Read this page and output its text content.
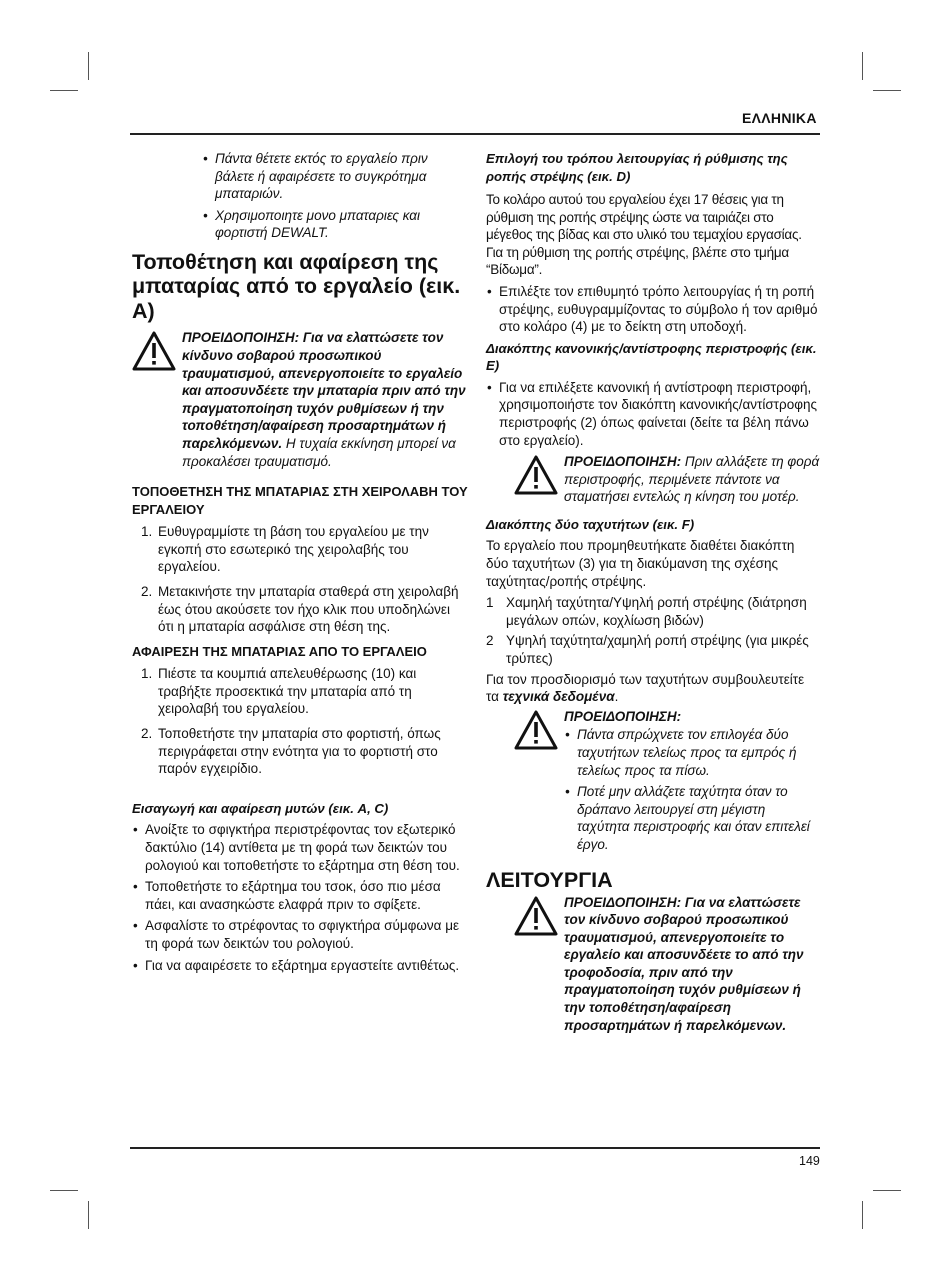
ΕΛΛΗΝΙΚΑ
149
• Πάντα θέτετε εκτός το εργαλείο πριν βάλετε ή αφαιρέσετε το συγκρότημα μπαταριών.
• Χρησιμοποιητε μονο μπαταριες και φορτιστή DEWALT.
Τοποθέτηση και αφαίρεση της μπαταρίας από το εργαλείο (εικ. A)
ΠΡΟΕΙΔΟΠΟΙΗΣΗ: Για να ελαττώσετε τον κίνδυνο σοβαρού προσωπικού τραυματισμού, απενεργοποιείτε το εργαλείο και αποσυνδέετε την μπαταρία πριν από την πραγματοποίηση τυχόν ρυθμίσεων ή την τοποθέτηση/αφαίρεση προσαρτημάτων ή παρελκόμενων. Η τυχαία εκκίνηση μπορεί να προκαλέσει τραυματισμό.
ΤΟΠΟΘΕΤΗΣΗ ΤΗΣ ΜΠΑΤΑΡΙΑΣ ΣΤΗ ΧΕΙΡΟΛΑΒΗ ΤΟΥ ΕΡΓΑΛΕΙΟΥ
1. Ευθυγραμμίστε τη βάση του εργαλείου με την εγκοπή στο εσωτερικό της χειρολαβής του εργαλείου.
2. Μετακινήστε την μπαταρία σταθερά στη χειρολαβή έως ότου ακούσετε τον ήχο κλικ που υποδηλώνει ότι η μπαταρία ασφάλισε στη θέση της.
ΑΦΑΙΡΕΣΗ ΤΗΣ ΜΠΑΤΑΡΙΑΣ ΑΠΟ ΤΟ ΕΡΓΑΛΕΙΟ
1. Πιέστε τα κουμπιά απελευθέρωσης (10) και τραβήξτε προσεκτικά την μπαταρία από τη χειρολαβή του εργαλείου.
2. Τοποθετήστε την μπαταρία στο φορτιστή, όπως περιγράφεται στην ενότητα για το φορτιστή στο παρόν εγχειρίδιο.
Εισαγωγή και αφαίρεση μυτών (εικ. A, C)
• Ανοίξτε το σφιγκτήρα περιστρέφοντας τον εξωτερικό δακτύλιο (14) αντίθετα με τη φορά των δεικτών του ρολογιού και τοποθετήστε το εξάρτημα στη θέση του.
• Τοποθετήστε το εξάρτημα του τσοκ, όσο πιο μέσα πάει, και ανασηκώστε ελαφρά πριν το σφίξετε.
• Ασφαλίστε το στρέφοντας το σφιγκτήρα σύμφωνα με τη φορά των δεικτών του ρολογιού.
• Για να αφαιρέσετε το εξάρτημα εργαστείτε αντιθέτως.
Επιλογή του τρόπου λειτουργίας ή ρύθμισης της ροπής στρέψης (εικ. D)

Το κολάρο αυτού του εργαλείου έχει 17 θέσεις για τη ρύθμιση της ροπής στρέψης ώστε να ταιριάζει στο μέγεθος της βίδας και στο υλικό του τεμαχίου εργασίας. Για τη ρύθμιση της ροπής στρέψης, βλέπε στο τμήμα “Βίδωμα”.

• Επιλέξτε τον επιθυμητό τρόπο λειτουργίας ή τη ροπή στρέψης, ευθυγραμμίζοντας το σύμβολο ή τον αριθμό στο κολάρο (4) με το δείκτη στη υποδοχή.
Διακόπτης κανονικής/αντίστροφης περιστροφής (εικ. E)
• Για να επιλέξετε κανονική ή αντίστροφη περιστροφή, χρησιμοποιήστε τον διακόπτη κανονικής/αντίστροφης περιστροφής (2) όπως φαίνεται (δείτε τα βέλη πάνω στο εργαλείο).
ΠΡΟΕΙΔΟΠΟΙΗΣΗ: Πριν αλλάξετε τη φορά περιστροφής, περιμένετε πάντοτε να σταματήσει εντελώς η κίνηση του μοτέρ.
Διακόπτης δύο ταχυτήτων (εικ. F)

Το εργαλείο που προμηθευτήκατε διαθέτει διακόπτη δύο ταχυτήτων (3) για τη διακύμανση της σχέσης ταχύτητας/ροπής στρέψης.

1 Χαμηλή ταχύτητα/Υψηλή ροπή στρέψης (διάτρηση μεγάλων οπών, κοχλίωση βιδών)
2 Υψηλή ταχύτητα/χαμηλή ροπή στρέψης (για μικρές τρύπες)

Για τον προσδιορισμό των ταχυτήτων συμβουλευτείτε τα τεχνικά δεδομένα.

ΠΡΟΕΙΔΟΠΟΙΗΣΗ:
• Πάντα σπρώχνετε τον επιλογέα δύο ταχυτήτων τελείως προς τα εμπρός ή τελείως προς τα πίσω.
• Ποτέ μην αλλάζετε ταχύτητα όταν το δράπανο λειτουργεί στη μέγιστη ταχύτητα περιστροφής και όταν επιτελεί έργο.
ΛΕΙΤΟΥΡΓΙΑ
ΠΡΟΕΙΔΟΠΟΙΗΣΗ: Για να ελαττώσετε τον κίνδυνο σοβαρού προσωπικού τραυματισμού, απενεργοποιείτε το εργαλείο και αποσυνδέετε το από την τροφοδοσία, πριν από την πραγματοποίηση τυχόν ρυθμίσεων ή την τοποθέτηση/αφαίρεση προσαρτημάτων ή παρελκόμενων.
